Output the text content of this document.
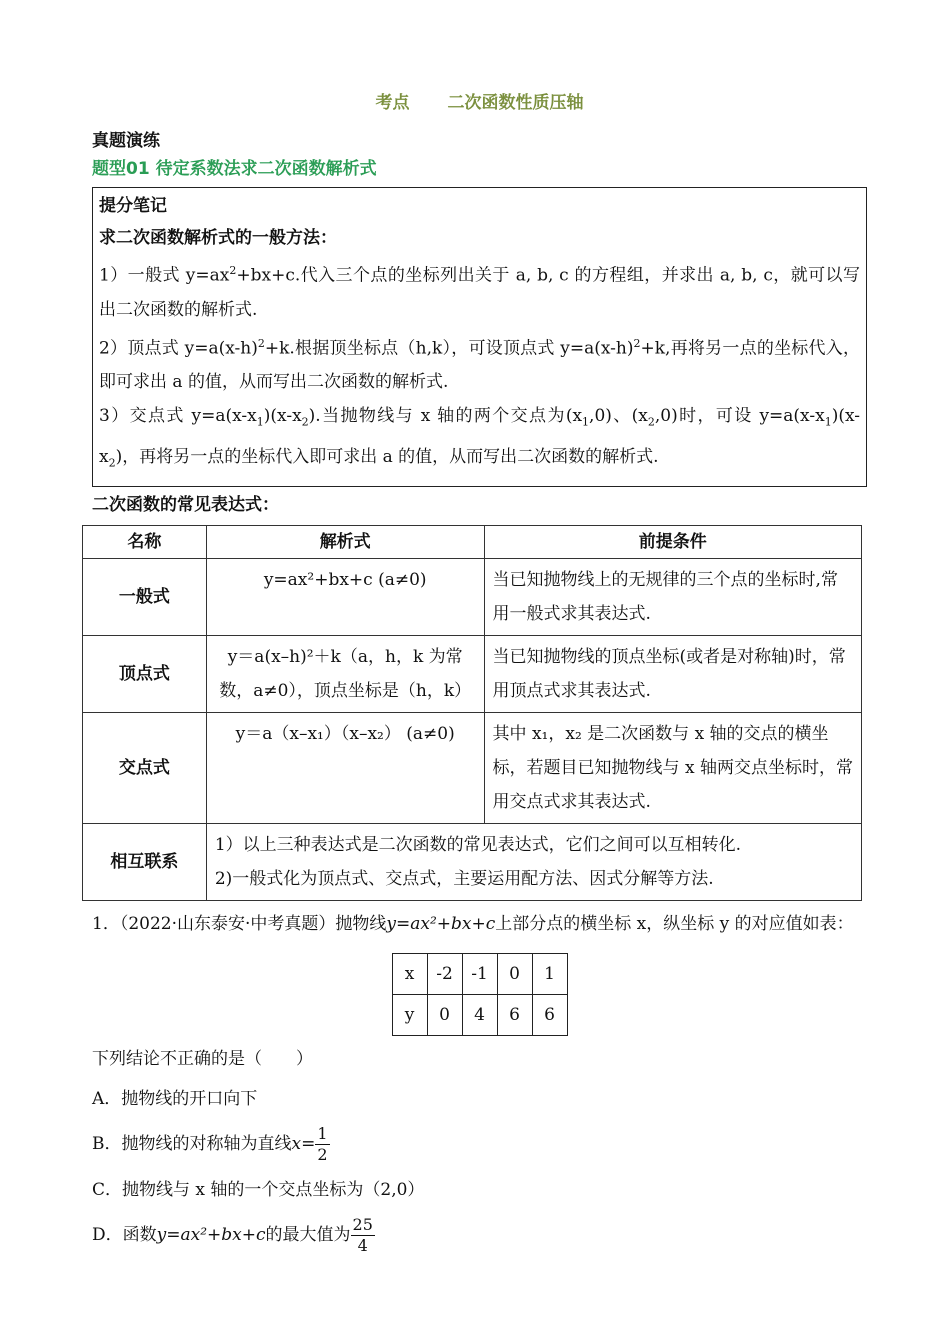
考点 二次函数性质压轴
真题演练
题型01 待定系数法求二次函数解析式
提分笔记
求二次函数解析式的一般方法：

1）一般式 $y=ax^2+bx+c$.代入三个点的坐标列出关于 a, b, c 的方程组，并求出 a, b, c，就可以写出二次函数的解析式.

2）顶点式 $y=a(x-h)^2+k$.根据顶坐标点（h,k），可设顶点式 $y=a(x-h)^2+k$,再将另一点的坐标代入，即可求出 a 的值，从而写出二次函数的解析式.

3）交点式 $y=a(x-x_1)(x-x_2)$.当抛物线与 x 轴的两个交点为$(x_1,0)$、$(x_2,0)$时，可设 $y=a(x-x_1)(x-x_2)$，再将另一点的坐标代入即可求出 a 的值，从而写出二次函数的解析式.

二次函数的常见表达式：
名称	解析式	前提条件
一般式	y=ax²+bx+c (a≠0)	当已知抛物线上的无规律的三个点的坐标时,常用一般式求其表达式.
顶点式	y＝a(x–h)²＋k（a，h，k 为常数，a≠0），顶点坐标是（h，k）	当已知抛物线的顶点坐标(或者是对称轴)时，常用顶点式求其表达式.
交点式	y＝a（x–x₁）（x–x₂） (a≠0)	其中 x₁，x₂ 是二次函数与 x 轴的交点的横坐标，若题目已知抛物线与 x 轴两交点坐标时，常用交点式求其表达式.
相互联系	1）以上三种表达式是二次函数的常见表达式，它们之间可以互相转化.
2)一般式化为顶点式、交点式，主要运用配方法、因式分解等方法.	
1．（2022·山东泰安·中考真题）抛物线y=ax²+bx+c上部分点的横坐标 x，纵坐标 y 的对应值如表：
x	-2	-1	0	1
y	0	4	6	6
下列结论不正确的是（　　）
A．抛物线的开口向下
B．抛物线的对称轴为直线$x= \frac{1}{2}$
C．抛物线与 x 轴的一个交点坐标为（2,0）
D．函数y=ax²+bx+c的最大值为 $\frac{25}{4}$
